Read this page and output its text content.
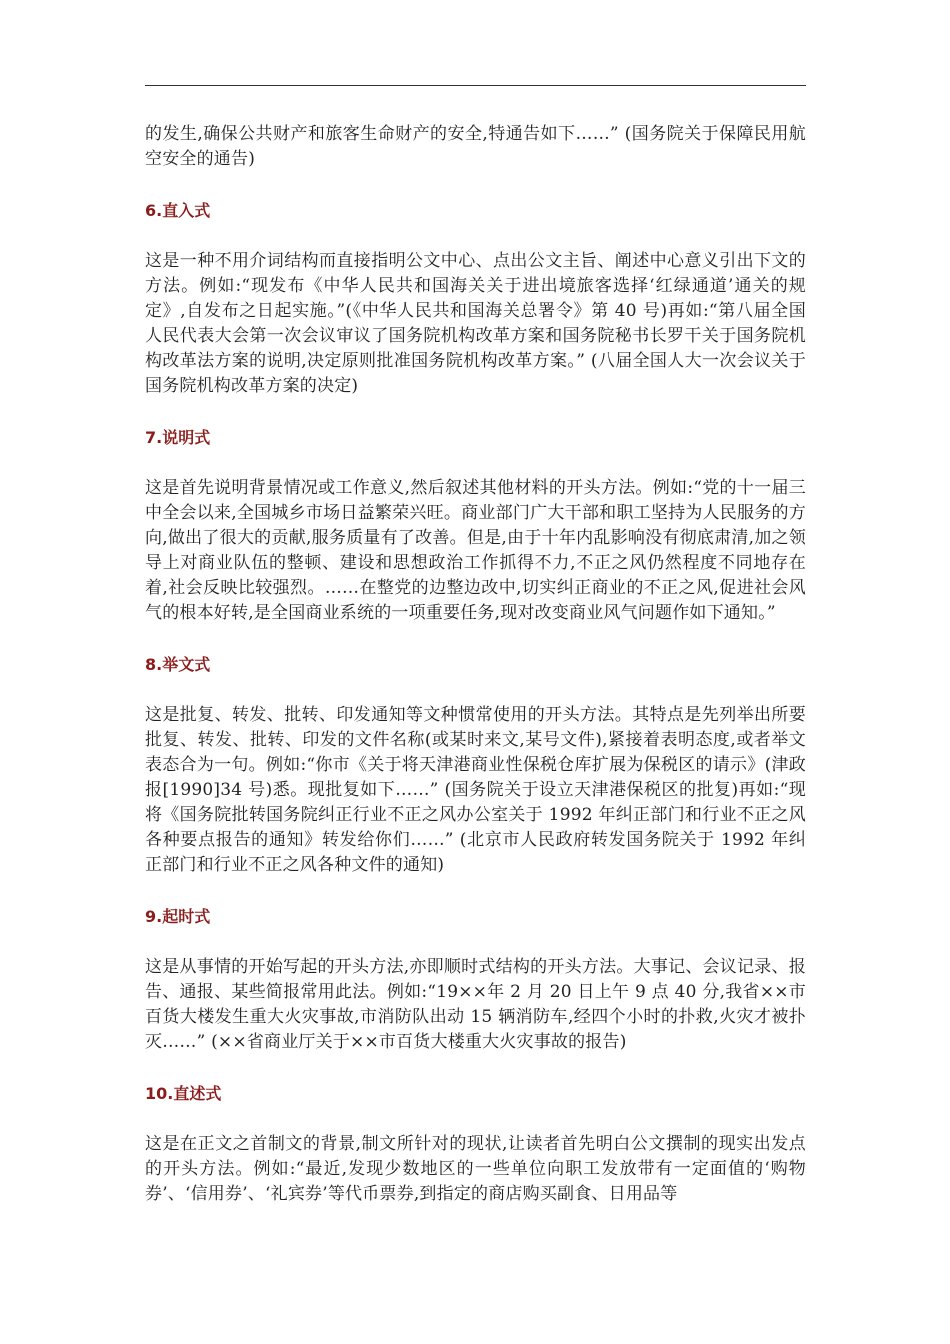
的发生,确保公共财产和旅客生命财产的安全,特通告如下……” (国务院关于保障民用航空安全的通告)

6.直入式

这是一种不用介词结构而直接指明公文中心、点出公文主旨、阐述中心意义引出下文的方法。例如:“现发布《中华人民共和国海关关于进出境旅客选择‘红绿通道’通关的规定》,自发布之日起实施。”(《中华人民共和国海关总署令》第 40 号)再如:“第八届全国人民代表大会第一次会议审议了国务院机构改革方案和国务院秘书长罗干关于国务院机构改革法方案的说明,决定原则批准国务院机构改革方案。” (八届全国人大一次会议关于国务院机构改革方案的决定)

7.说明式

这是首先说明背景情况或工作意义,然后叙述其他材料的开头方法。例如:“党的十一届三中全会以来,全国城乡市场日益繁荣兴旺。商业部门广大干部和职工坚持为人民服务的方向,做出了很大的贡献,服务质量有了改善。但是,由于十年内乱影响没有彻底肃清,加之领导上对商业队伍的整顿、建设和思想政治工作抓得不力,不正之风仍然程度不同地存在着,社会反映比较强烈。……在整党的边整边改中,切实纠正商业的不正之风,促进社会风气的根本好转,是全国商业系统的一项重要任务,现对改变商业风气问题作如下通知。”

8.举文式

这是批复、转发、批转、印发通知等文种惯常使用的开头方法。其特点是先列举出所要批复、转发、批转、印发的文件名称(或某时来文,某号文件),紧接着表明态度,或者举文表态合为一句。例如:“你市《关于将天津港商业性保税仓库扩展为保税区的请示》(津政报[1990]34 号)悉。现批复如下……” (国务院关于设立天津港保税区的批复)再如:“现将《国务院批转国务院纠正行业不正之风办公室关于 1992 年纠正部门和行业不正之风各种要点报告的通知》转发给你们……” (北京市人民政府转发国务院关于 1992 年纠正部门和行业不正之风各种文件的通知)

9.起时式

这是从事情的开始写起的开头方法,亦即顺时式结构的开头方法。大事记、会议记录、报告、通报、某些简报常用此法。例如:“19××年 2 月 20 日上午 9 点 40 分,我省××市百货大楼发生重大火灾事故,市消防队出动 15 辆消防车,经四个小时的扑救,火灾才被扑灭……” (××省商业厅关于××市百货大楼重大火灾事故的报告)

10.直述式

这是在正文之首制文的背景,制文所针对的现状,让读者首先明白公文撰制的现实出发点的开头方法。例如:“最近,发现少数地区的一些单位向职工发放带有一定面值的‘购物券’、‘信用券’、‘礼宾券’等代币票券,到指定的商店购买副食、日用品等
